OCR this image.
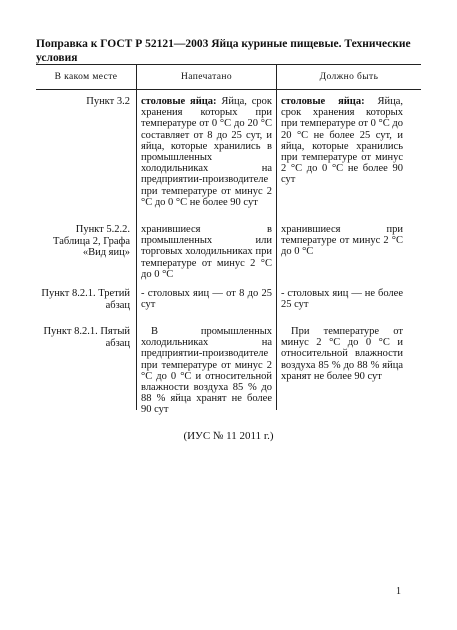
Поправка к ГОСТ Р 52121—2003 Яйца куриные пищевые. Технические условия
В каком месте	Напечатано	Должно быть
Пункт 3.2 столовые яйца: Яйца, срок хранения которых при температуре от 0 °С до 20 °С составляет от 8 до 25 сут, и яйца, которые хранились в промышленных холодильниках на предприятии-производителе при температуре от минус 2 °С до 0 °С не более 90 сут
столовые яйца: Яйца, срок хранения которых при температуре от 0 °С до 20 °С не более 25 сут, и яйца, которые хранились при температуре от минус 2 °С до 0 °С не более 90 сут
Пункт 5.2.2. Таблица 2, Графа «Вид яиц»
хранившиеся в промышленных или торговых холодильниках при температуре от минус 2 °С до 0 °С
хранившиеся при температуре от минус 2 °С до 0 °С
Пункт 8.2.1. Третий абзац
- столовых яиц — от 8 до 25 сут
- столовых яиц — не более 25 сут
Пункт 8.2.1. Пятый абзац
В промышленных холодильниках на предприятии-производителе при температуре от минус 2 °С до 0 °С и относительной влажности воздуха 85 % до 88 % яйца хранят не более 90 сут
При температуре от минус 2 °С до 0 °С и относительной влажности воздуха 85 % до 88 % яйца хранят не более 90 сут
(ИУС № 11 2011 г.)
1
